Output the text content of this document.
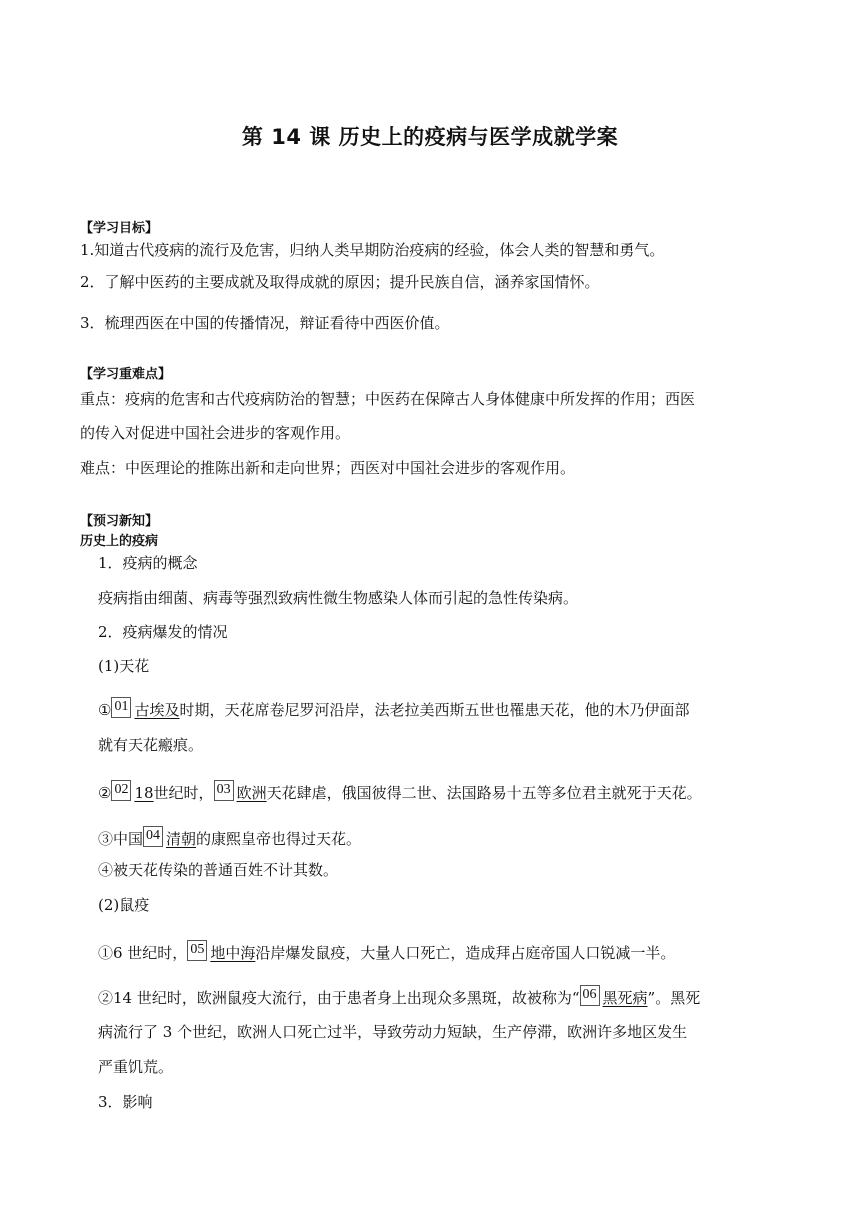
第 14 课 历史上的疫病与医学成就学案
【学习目标】
1.知道古代疫病的流行及危害，归纳人类早期防治疫病的经验，体会人类的智慧和勇气。
2．了解中医药的主要成就及取得成就的原因；提升民族自信，涵养家国情怀。
3．梳理西医在中国的传播情况，辩证看待中西医价值。
【学习重难点】
重点：疫病的危害和古代疫病防治的智慧；中医药在保障古人身体健康中所发挥的作用；西医
的传入对促进中国社会进步的客观作用。
难点：中医理论的推陈出新和走向世界；西医对中国社会进步的客观作用。
【预习新知】
历史上的疫病
1．疫病的概念
疫病指由细菌、病毒等强烈致病性微生物感染人体而引起的急性传染病。
2．疫病爆发的情况
(1)天花
① 01 古埃及时期，天花席卷尼罗河沿岸，法老拉美西斯五世也罹患天花，他的木乃伊面部
就有天花瘢痕。
② 02 18世纪时， 03 欧洲天花肆虐，俄国彼得二世、法国路易十五等多位君主就死于天花。
③中国 04 清朝的康熙皇帝也得过天花。
④被天花传染的普通百姓不计其数。
(2)鼠疫
①6 世纪时， 05 地中海沿岸爆发鼠疫，大量人口死亡，造成拜占庭帝国人口锐减一半。
②14 世纪时，欧洲鼠疫大流行，由于患者身上出现众多黑斑，故被称为“ 06 黑死病”。黑死
病流行了 3 个世纪，欧洲人口死亡过半，导致劳动力短缺，生产停滞，欧洲许多地区发生
严重饥荒。
3．影响
